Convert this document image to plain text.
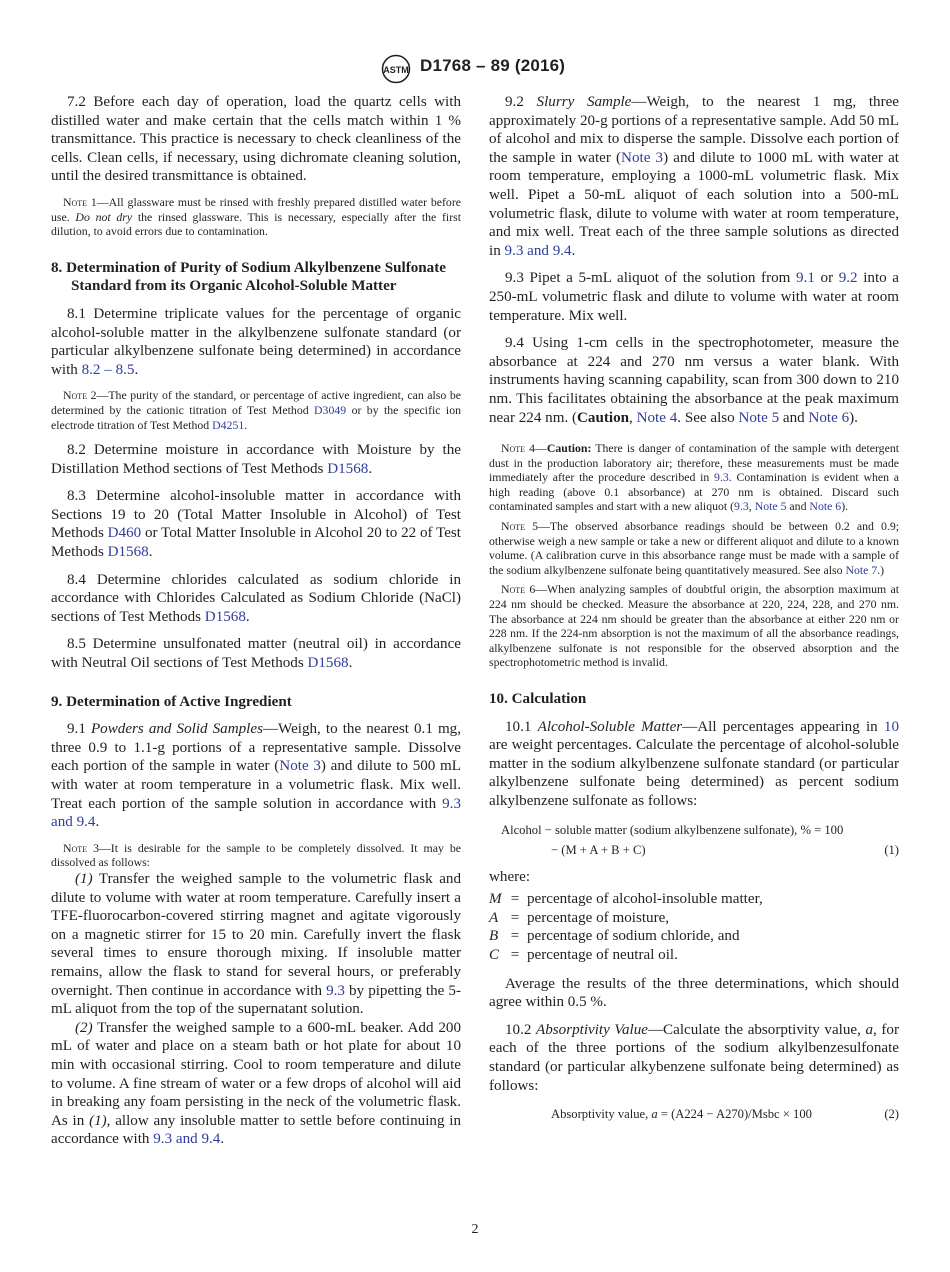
ASTM D1768 – 89 (2016)

7.2 Before each day of operation, load the quartz cells with distilled water and make certain that the cells match within 1 % transmittance. This practice is necessary to check cleanliness of the cells. Clean cells, if necessary, using dichromate cleaning solution, until the desired transmittance is obtained.

Note 1—All glassware must be rinsed with freshly prepared distilled water before use. Do not dry the rinsed glassware. This is necessary, especially after the first dilution, to avoid errors due to contamination.

8. Determination of Purity of Sodium Alkylbenzene Sulfonate Standard from its Organic Alcohol-Soluble Matter

8.1 Determine triplicate values for the percentage of organic alcohol-soluble matter in the alkylbenzene sulfonate standard (or particular alkylbenzene sulfonate being determined) in accordance with 8.2 – 8.5.

Note 2—The purity of the standard, or percentage of active ingredient, can also be determined by the cationic titration of Test Method D3049 or by the specific ion electrode titration of Test Method D4251.

8.2 Determine moisture in accordance with Moisture by the Distillation Method sections of Test Methods D1568.

8.3 Determine alcohol-insoluble matter in accordance with Sections 19 to 20 (Total Matter Insoluble in Alcohol) of Test Methods D460 or Total Matter Insoluble in Alcohol 20 to 22 of Test Methods D1568.

8.4 Determine chlorides calculated as sodium chloride in accordance with Chlorides Calculated as Sodium Chloride (NaCl) sections of Test Methods D1568.

8.5 Determine unsulfonated matter (neutral oil) in accordance with Neutral Oil sections of Test Methods D1568.

9. Determination of Active Ingredient

9.1 Powders and Solid Samples—Weigh, to the nearest 0.1 mg, three 0.9 to 1.1-g portions of a representative sample. Dissolve each portion of the sample in water (Note 3) and dilute to 500 mL with water at room temperature in a volumetric flask. Mix well. Treat each portion of the sample solution in accordance with 9.3 and 9.4.

Note 3—It is desirable for the sample to be completely dissolved. It may be dissolved as follows:

(1) Transfer the weighed sample to the volumetric flask and dilute to volume with water at room temperature. Carefully insert a TFE-fluorocarbon-covered stirring magnet and agitate vigorously on a magnetic stirrer for 15 to 20 min. Carefully invert the flask several times to ensure thorough mixing. If insoluble matter remains, allow the flask to stand for several hours, or preferably overnight. Then continue in accordance with 9.3 by pipetting the 5-mL aliquot from the top of the supernatant solution.

(2) Transfer the weighed sample to a 600-mL beaker. Add 200 mL of water and place on a steam bath or hot plate for about 10 min with occasional stirring. Cool to room temperature and dilute to volume. A fine stream of water or a few drops of alcohol will aid in breaking any foam persisting in the neck of the volumetric flask. As in (1), allow any insoluble matter to settle before continuing in accordance with 9.3 and 9.4.

9.2 Slurry Sample—Weigh, to the nearest 1 mg, three approximately 20-g portions of a representative sample. Add 50 mL of alcohol and mix to disperse the sample. Dissolve each portion of the sample in water (Note 3) and dilute to 1000 mL with water at room temperature, employing a 1000-mL volumetric flask. Mix well. Pipet a 50-mL aliquot of each solution into a 500-mL volumetric flask, dilute to volume with water at room temperature, and mix well. Treat each of the three sample solutions as directed in 9.3 and 9.4.

9.3 Pipet a 5-mL aliquot of the solution from 9.1 or 9.2 into a 250-mL volumetric flask and dilute to volume with water at room temperature. Mix well.

9.4 Using 1-cm cells in the spectrophotometer, measure the absorbance at 224 and 270 nm versus a water blank. With instruments having scanning capability, scan from 300 down to 210 nm. This facilitates obtaining the absorbance at the peak maximum near 224 nm. (Caution, Note 4. See also Note 5 and Note 6).

Note 4—Caution: There is danger of contamination of the sample with detergent dust in the production laboratory air; therefore, these measurements must be made immediately after the procedure described in 9.3. Contamination is evident when a high reading (above 0.1 absorbance) at 270 nm is obtained. Discard such contaminated samples and start with a new aliquot (9.3, Note 5 and Note 6).

Note 5—The observed absorbance readings should be between 0.2 and 0.9; otherwise weigh a new sample or take a new or different aliquot and dilute to a known volume. (A calibration curve in this absorbance range must be made with a sample of the sodium alkylbenzene sulfonate being quantitatively measured. See also Note 7.)

Note 6—When analyzing samples of doubtful origin, the absorption maximum at 224 nm should be checked. Measure the absorbance at 220, 224, 228, and 270 nm. The absorbance at 224 nm should be greater than the absorbance at either 220 nm or 228 nm. If the 224-nm absorption is not the maximum of all the absorbance readings, alkylbenzene sulfonate is not responsible for the observed absorption and the spectrophotometric method is invalid.

10. Calculation

10.1 Alcohol-Soluble Matter—All percentages appearing in 10 are weight percentages. Calculate the percentage of alcohol-soluble matter in the sodium alkylbenzene sulfonate standard (or particular alkylbenzene sulfonate being determined) as percent sodium alkylbenzene sulfonate as follows:

Alcohol − soluble matter (sodium alkylbenzene sulfonate), % = 100
− (M + A + B + C)	(1)
where:
M = percentage of alcohol-insoluble matter,
A = percentage of moisture,
B = percentage of sodium chloride, and
C = percentage of neutral oil.

Average the results of the three determinations, which should agree within 0.5 %.

10.2 Absorptivity Value—Calculate the absorptivity value, a, for each of the three portions of the sodium alkylbenzesulfonate standard (or particular alkybenzene sulfonate being determined) as follows:

Absorptivity value, a = (A224 − A270)/Msbc × 100	(2)
2
